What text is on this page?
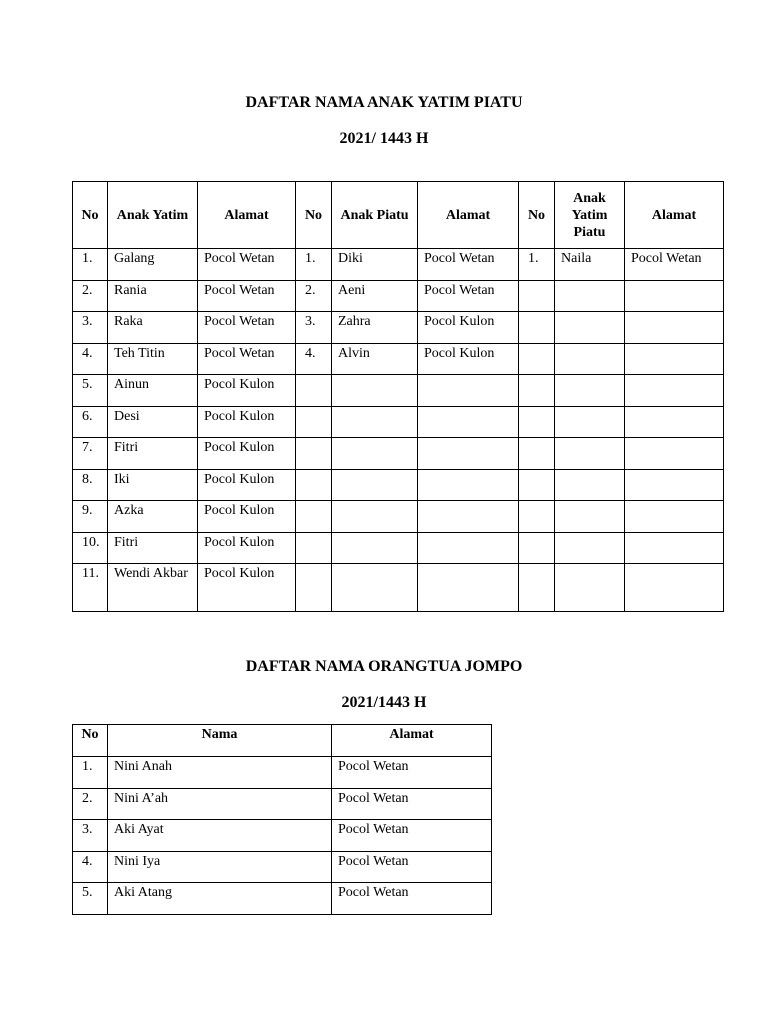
DAFTAR NAMA ANAK YATIM PIATU
2021/ 1443 H
No	Anak Yatim	Alamat	No	Anak Piatu	Alamat	No	Anak Yatim Piatu	Alamat

1.	Galang	Pocol Wetan	1.	Diki	Pocol Wetan	1.	Naila	Pocol Wetan

2.	Rania	Pocol Wetan	2.	Aeni	Pocol Wetan			

3.	Raka	Pocol Wetan	3.	Zahra	Pocol Kulon			

4.	Teh Titin	Pocol Wetan	4.	Alvin	Pocol Kulon			

5.	Ainun	Pocol Kulon						

6.	Desi	Pocol Kulon						

7.	Fitri	Pocol Kulon						

8.	Iki	Pocol Kulon						

9.	Azka	Pocol Kulon						

10.	Fitri	Pocol Kulon						

11.	Wendi Akbar	Pocol Kulon						

DAFTAR NAMA ORANGTUA JOMPO
2021/1443 H
No	Nama	Alamat

1.	Nini Anah	Pocol Wetan

2.	Nini A’ah	Pocol Wetan

3.	Aki Ayat	Pocol Wetan

4.	Nini Iya	Pocol Wetan

5.	Aki Atang	Pocol Wetan
